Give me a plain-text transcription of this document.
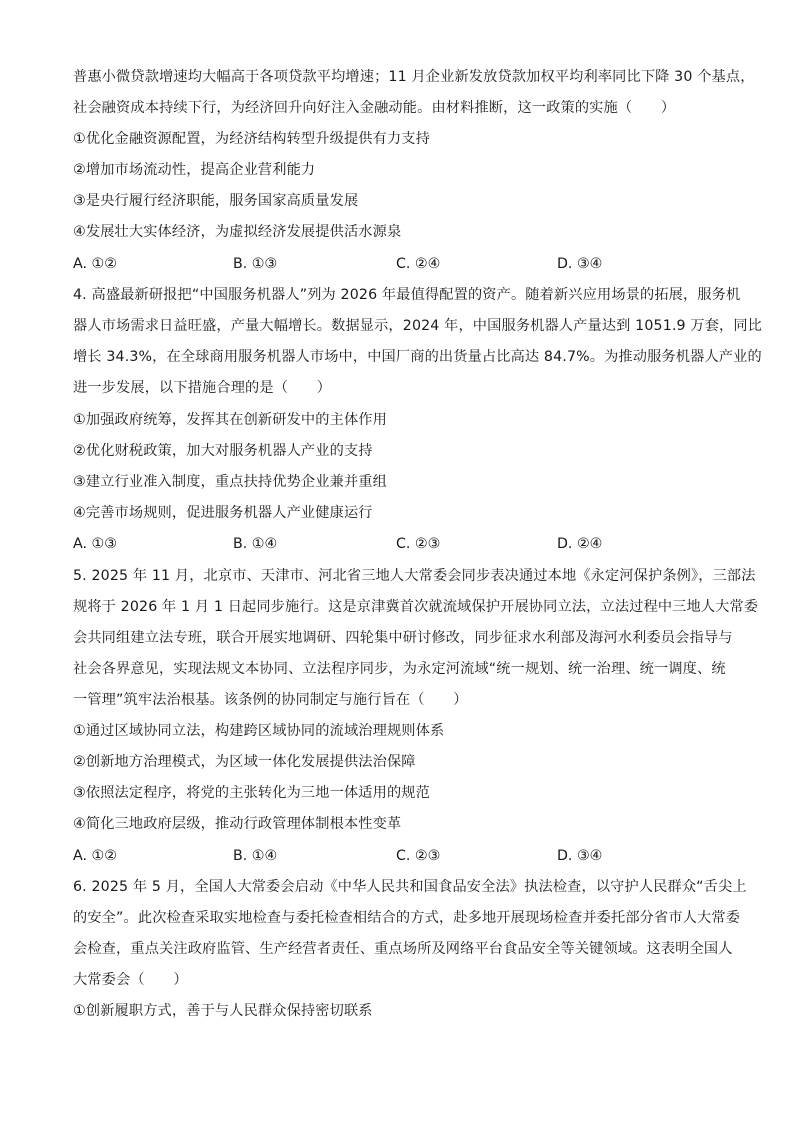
普惠小微贷款增速均大幅高于各项贷款平均增速；11 月企业新发放贷款加权平均利率同比下降 30 个基点，
社会融资成本持续下行，为经济回升向好注入金融动能。由材料推断，这一政策的实施（　　）
①优化金融资源配置，为经济结构转型升级提供有力支持
②增加市场流动性，提高企业营利能力
③是央行履行经济职能，服务国家高质量发展
④发展壮大实体经济，为虚拟经济发展提供活水源泉
A. ①②	B. ①③	C. ②④	D. ③④
4. 高盛最新研报把“中国服务机器人”列为 2026 年最值得配置的资产。随着新兴应用场景的拓展，服务机
器人市场需求日益旺盛，产量大幅增长。数据显示，2024 年，中国服务机器人产量达到 1051.9 万套，同比
增长 34.3%，在全球商用服务机器人市场中，中国厂商的出货量占比高达 84.7%。为推动服务机器人产业的
进一步发展，以下措施合理的是（　　）
①加强政府统筹，发挥其在创新研发中的主体作用
②优化财税政策，加大对服务机器人产业的支持
③建立行业准入制度，重点扶持优势企业兼并重组
④完善市场规则，促进服务机器人产业健康运行
A. ①③	B. ①④	C. ②③	D. ②④
5. 2025 年 11 月，北京市、天津市、河北省三地人大常委会同步表决通过本地《永定河保护条例》，三部法
规将于 2026 年 1 月 1 日起同步施行。这是京津冀首次就流域保护开展协同立法，立法过程中三地人大常委
会共同组建立法专班，联合开展实地调研、四轮集中研讨修改，同步征求水利部及海河水利委员会指导与
社会各界意见，实现法规文本协同、立法程序同步，为永定河流域“统一规划、统一治理、统一调度、统
一管理”筑牢法治根基。该条例的协同制定与施行旨在（　　）
①通过区域协同立法，构建跨区域协同的流域治理规则体系
②创新地方治理模式，为区域一体化发展提供法治保障
③依照法定程序，将党的主张转化为三地一体适用的规范
④简化三地政府层级，推动行政管理体制根本性变革
A. ①②	B. ①④	C. ②③	D. ③④
6. 2025 年 5 月，全国人大常委会启动《中华人民共和国食品安全法》执法检查，以守护人民群众“舌尖上
的安全”。此次检查采取实地检查与委托检查相结合的方式，赴多地开展现场检查并委托部分省市人大常委
会检查，重点关注政府监管、生产经营者责任、重点场所及网络平台食品安全等关键领域。这表明全国人
大常委会（　　）
①创新履职方式，善于与人民群众保持密切联系
